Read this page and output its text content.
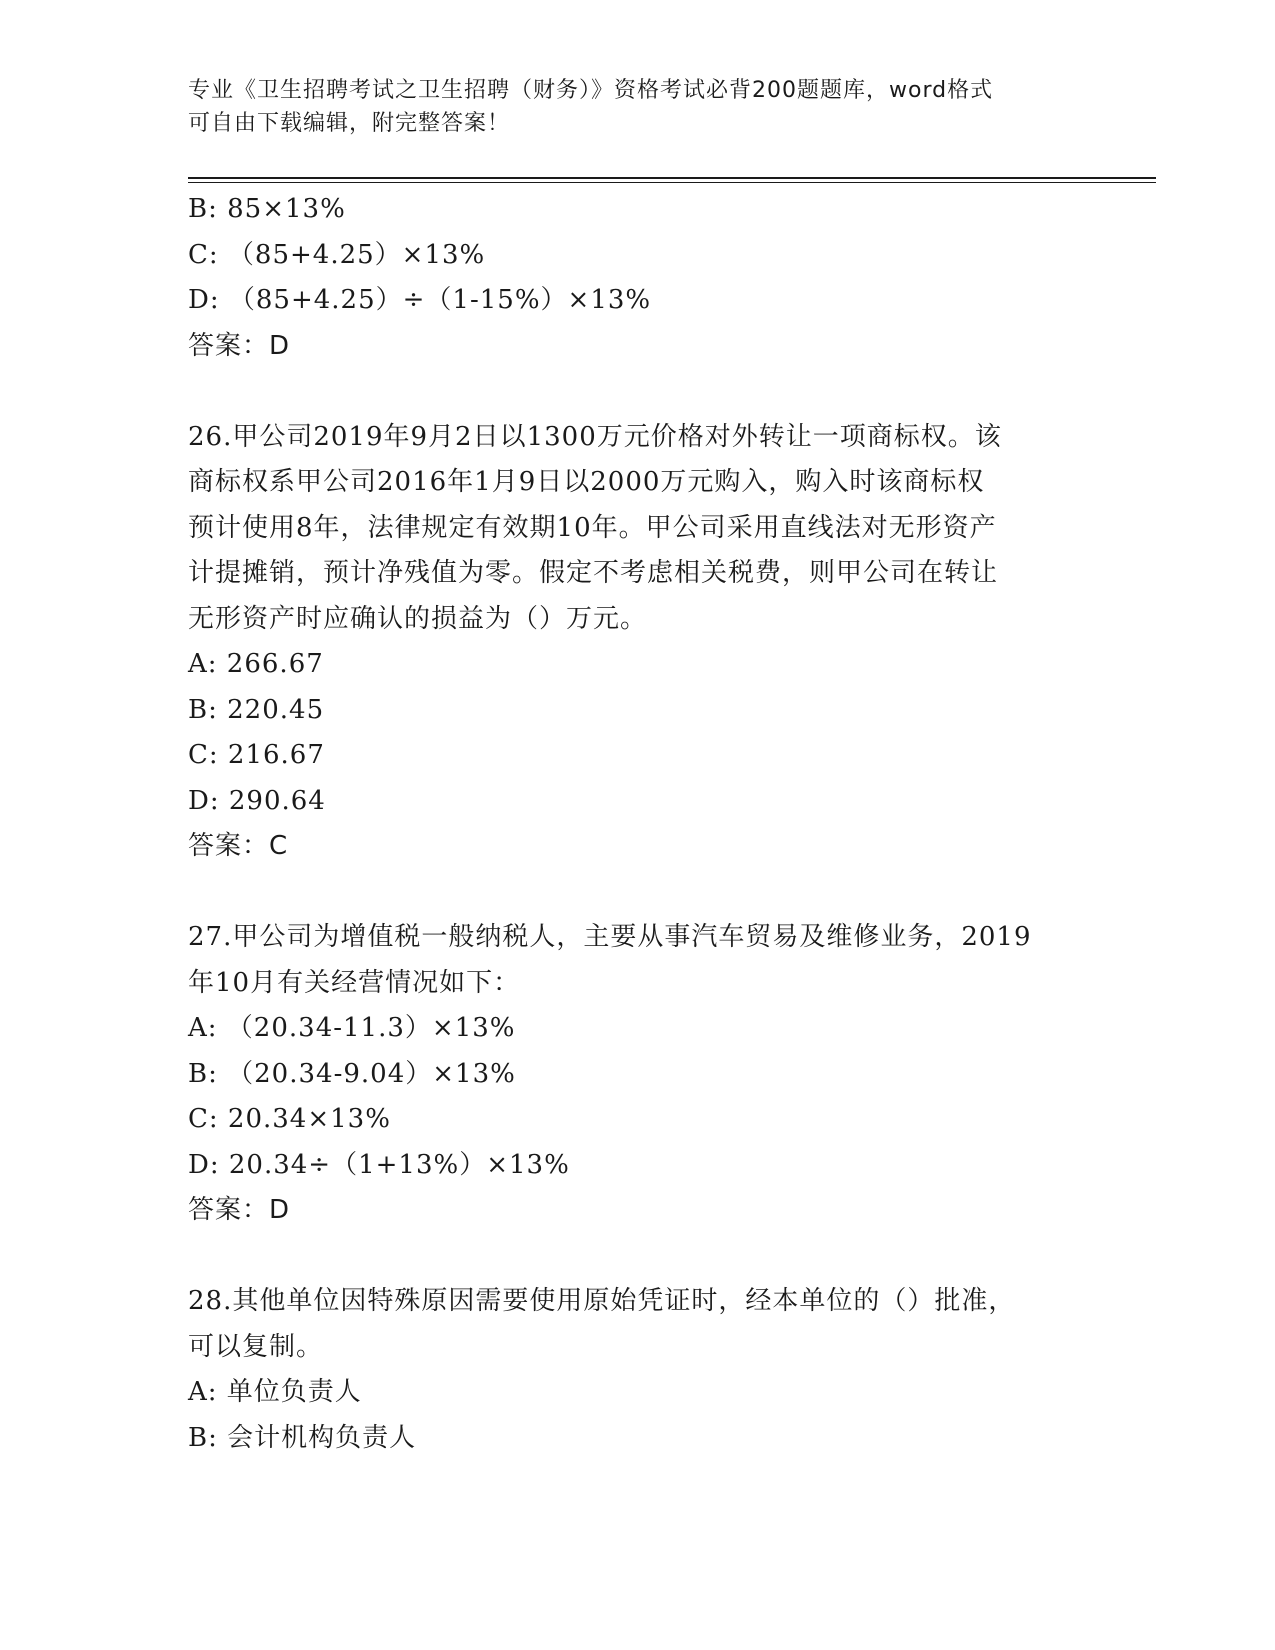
专业《卫生招聘考试之卫生招聘（财务）》资格考试必背200题题库，word格式
可自由下载编辑，附完整答案！
B: 85×13%
C: （85+4.25）×13%
D: （85+4.25）÷（1-15%）×13%
答案：D
26.甲公司2019年9月2日以1300万元价格对外转让一项商标权。该
商标权系甲公司2016年1月9日以2000万元购入，购入时该商标权
预计使用8年，法律规定有效期10年。甲公司采用直线法对无形资产
计提摊销，预计净残值为零。假定不考虑相关税费，则甲公司在转让
无形资产时应确认的损益为（）万元。
A: 266.67
B: 220.45
C: 216.67
D: 290.64
答案：C
27.甲公司为增值税一般纳税人，主要从事汽车贸易及维修业务，2019
年10月有关经营情况如下：
A: （20.34-11.3）×13%
B: （20.34-9.04）×13%
C: 20.34×13%
D: 20.34÷（1+13%）×13%
答案：D
28.其他单位因特殊原因需要使用原始凭证时，经本单位的（）批准，
可以复制。
A: 单位负责人
B: 会计机构负责人
